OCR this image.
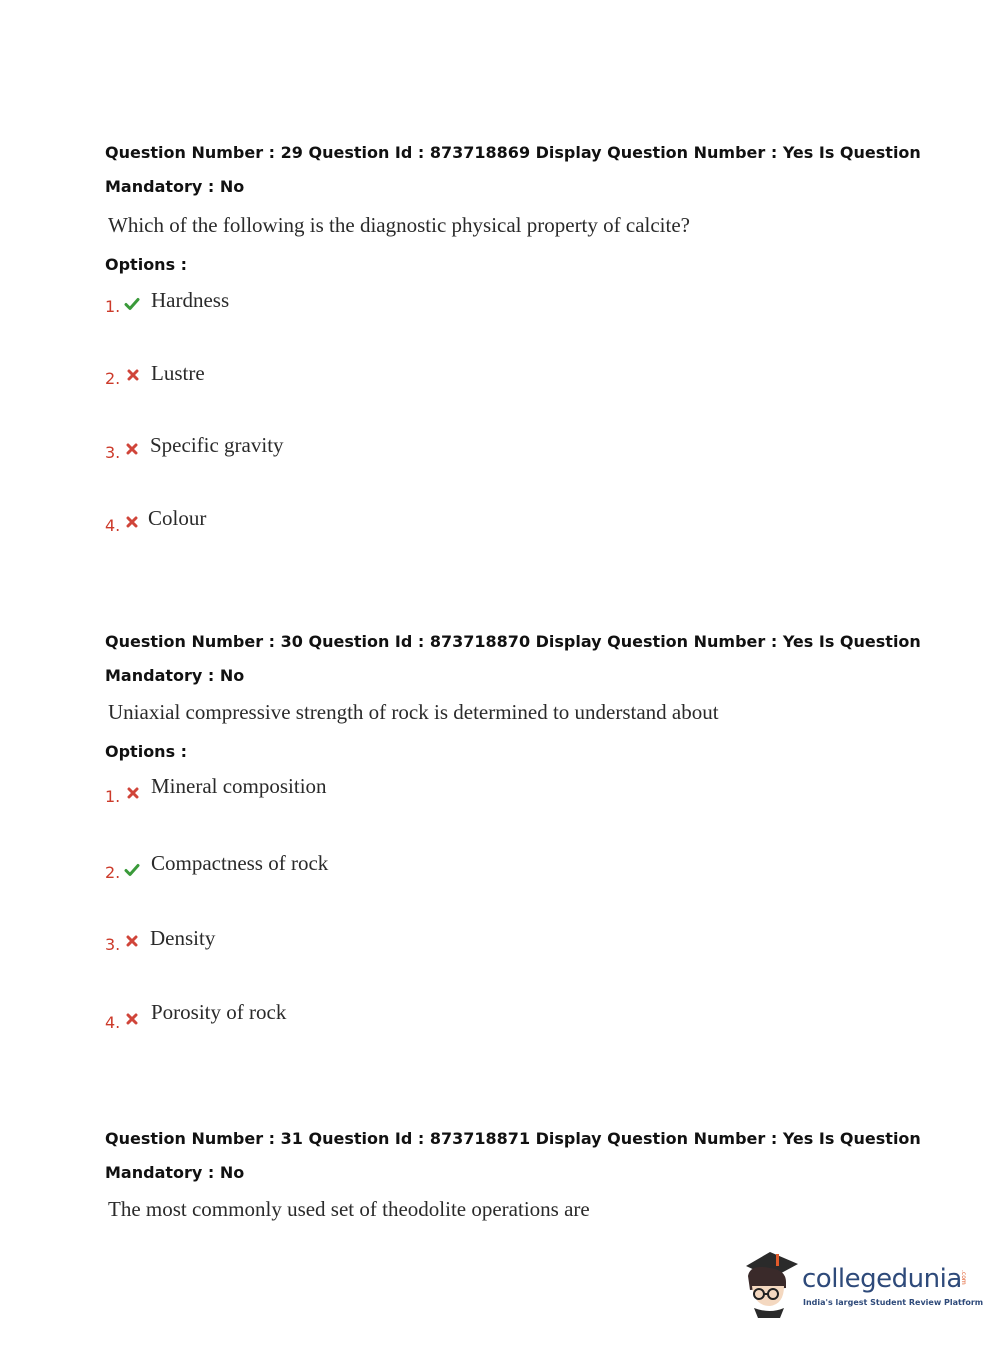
Question Number : 29 Question Id : 873718869 Display Question Number : Yes Is Question
Mandatory : No
Which of the following is the diagnostic physical property of calcite?
Options :
1. Hardness
2. Lustre
3. Specific gravity
4. Colour
Question Number : 30 Question Id : 873718870 Display Question Number : Yes Is Question
Mandatory : No
Uniaxial compressive strength of rock is determined to understand about
Options :
1. Mineral composition
2. Compactness of rock
3. Density
4. Porosity of rock
Question Number : 31 Question Id : 873718871 Display Question Number : Yes Is Question
Mandatory : No
The most commonly used set of theodolite operations are
collegedunia
.com
India's largest Student Review Platform
